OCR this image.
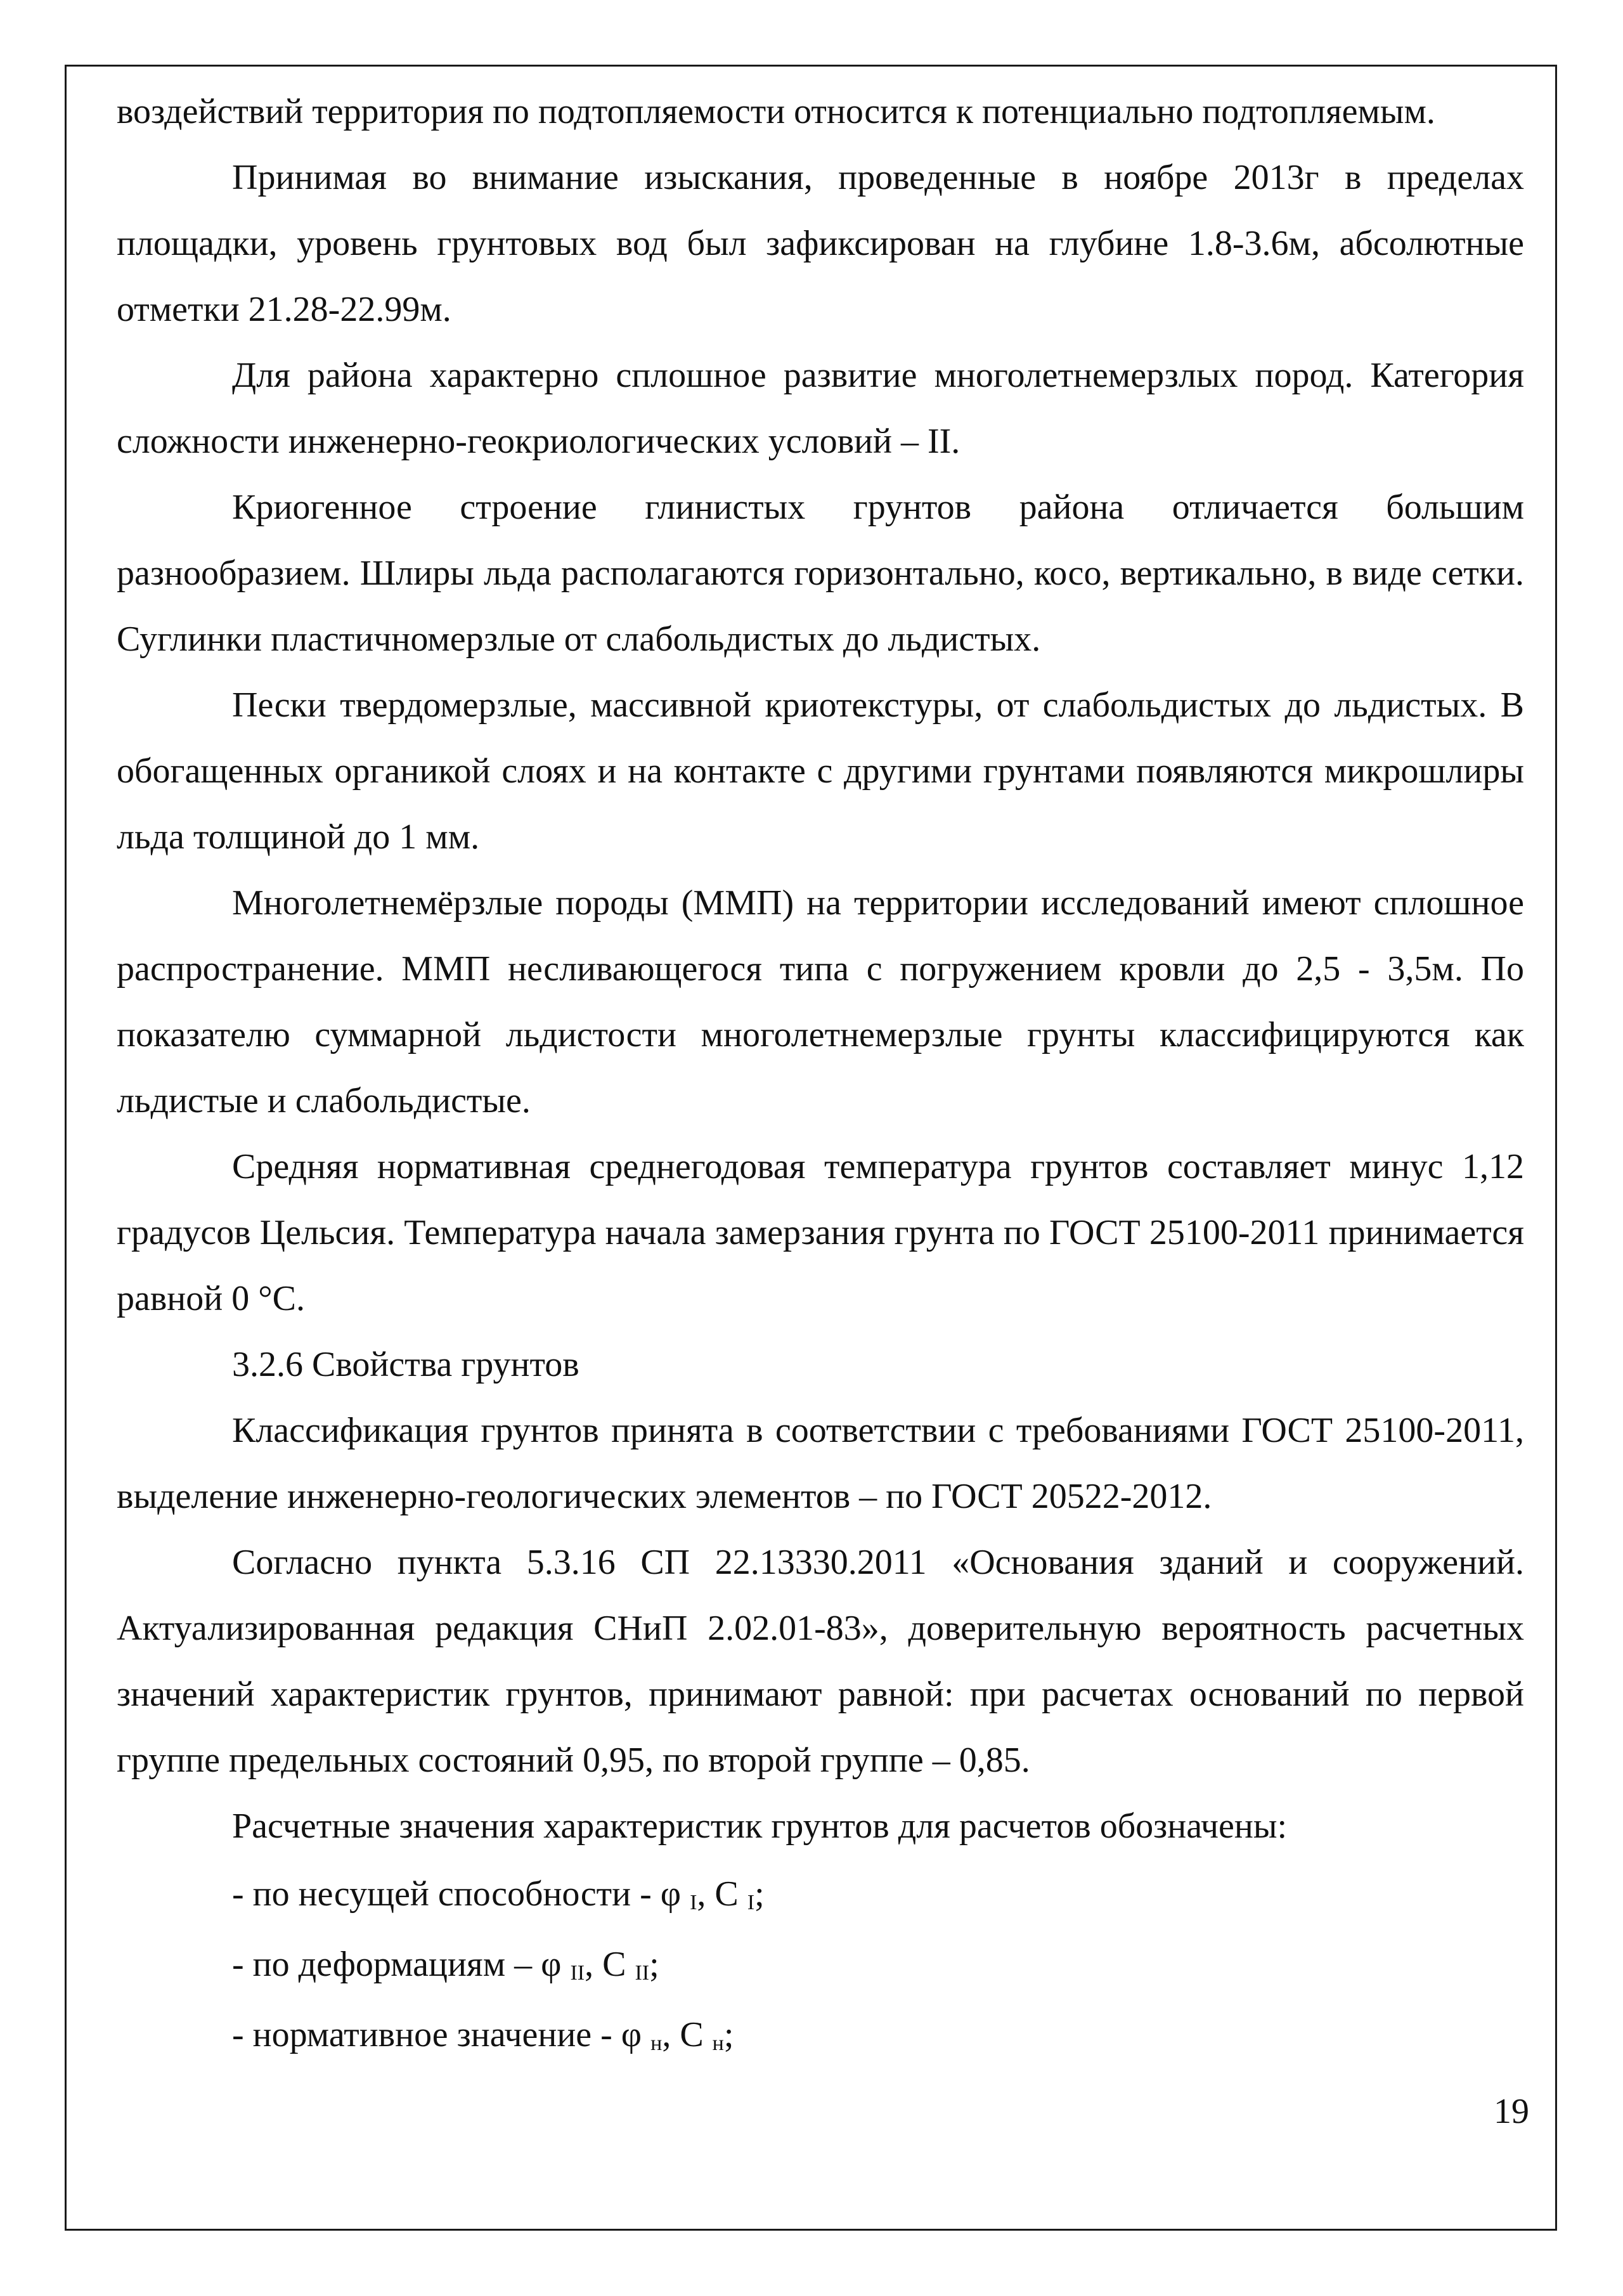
воздействий территория по подтопляемости относится к потенциально подтопляемым.

Принимая во внимание изыскания, проведенные в ноябре 2013г в пределах площадки, уровень грунтовых вод был зафиксирован на глубине 1.8-3.6м, абсолютные отметки 21.28-22.99м.

Для района характерно сплошное развитие многолетнемерзлых пород. Категория сложности инженерно-геокриологических условий – II.

Криогенное строение глинистых грунтов района отличается большим разнообразием. Шлиры льда располагаются горизонтально, косо, вертикально, в виде сетки. Суглинки пластичномерзлые от слабольдистых до льдистых.

Пески твердомерзлые, массивной криотекстуры, от слабольдистых до льдистых. В обогащенных органикой слоях и на контакте с другими грунтами появляются микрошлиры льда толщиной до 1 мм.

Многолетнемёрзлые породы (ММП) на территории исследований имеют сплошное распространение. ММП несливающегося типа с погружением кровли до 2,5 - 3,5м. По показателю суммарной льдистости многолетнемерзлые грунты классифицируются как льдистые и слабольдистые.

Средняя нормативная среднегодовая температура грунтов составляет минус 1,12 градусов Цельсия. Температура начала замерзания грунта по ГОСТ 25100-2011 принимается равной 0 °С.

3.2.6 Свойства грунтов

Классификация грунтов принята в соответствии с требованиями ГОСТ 25100-2011, выделение инженерно-геологических элементов – по ГОСТ 20522-2012.

Согласно пункта 5.3.16 СП 22.13330.2011 «Основания зданий и сооружений. Актуализированная редакция СНиП 2.02.01-83», доверительную вероятность расчетных значений характеристик грунтов, принимают равной: при расчетах оснований по первой группе предельных состояний 0,95, по второй группе – 0,85.

Расчетные значения характеристик грунтов для расчетов обозначены:

- по несущей способности - φ $_I$, С $_I$;

- по деформациям – φ $_{II}$, С $_{II}$;

- нормативное значение - φ $_н$, С $_н$;

19
